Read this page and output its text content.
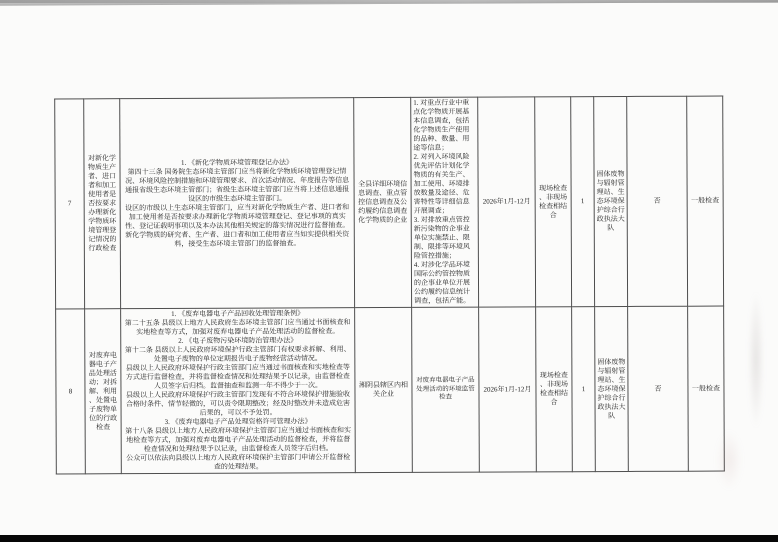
7	对新化学物质生产者、进口者和加工使用者是否按要求办理新化学物质环境管理登记情况的行政检查	1. 《新化学物质环境管理登记办法》
第四十三条 国务院生态环境主管部门应当将新化学物质环境管理登记情况、环境风险控制措施和环境管理要求、首次活动情况、年度报告等信息通报省级生态环境主管部门；省级生态环境主管部门应当将上述信息通报设区的市级生态环境主管部门。
设区的市级以上生态环境主管部门，应当对新化学物质生产者、进口者和加工使用者是否按要求办理新化学物质环境管理登记、登记事项的真实性、登记证载明事项以及本办法其他相关规定的落实情况进行监督抽查。
新化学物质的研究者、生产者、进口者和加工使用者应当如实提供相关资料，接受生态环境主管部门的监督抽查。	全县详细环境信息调查、重点管控信息调查及公约履约信息调查化学物质的企业	1. 对重点行业中重点化学物质开展基本信息调查，包括化学物质生产使用的品种、数量、用途等信息；
2. 对列入环境风险优先评估计划化学物质的有关生产、加工使用、环境排放数量及途径、危害特性等详细信息开展调查；
3. 对排放重点管控新污染物的企事业单位实施禁止、限制、限排等环境风险管控措施；
4. 对涉化学品环境国际公约管控物质的企事业单位开展公约履约信息统计调查，包括产能。	2026年1月-12月	现场检查、非现场检查相结合	1	固体废物与辐射管理站、生态环境保护综合行政执法大队	否	一般检查
8	对废弃电器电子产品处理活动；对拆解、利用、处置电子废物单位的行政检查	1. 《废弃电器电子产品回收处理管理条例》
第二十五条 县级以上地方人民政府生态环境主管部门应当通过书面核查和实地检查等方式，加强对废弃电器电子产品处理活动的监督检查。
2. 《电子废物污染环境防治管理办法》
第十二条 县级以上人民政府环境保护行政主管部门有权要求拆解、利用、处置电子废物的单位定期报告电子废物经营活动情况。
县级以上人民政府环境保护行政主管部门应当通过书面核查和实地检查等方式进行监督检查，并将监督检查情况和处理结果予以记录，由监督检查人员签字后归档。监督抽查和监测一年不得少于一次。
县级以上人民政府环境保护行政主管部门发现有不符合环境保护措施验收合格时条件、情节轻微的，可以责令限期整改；经及时整改并未造成危害后果的，可以不予处罚。
3. 《废弃电器电子产品处理资格许可管理办法》
第十八条 县级以上地方人民政府环境保护主管部门应当通过书面核查和实地检查等方式，加强对废弃电器电子产品处理活动的监督检查，并将监督检查情况和处理结果予以记录，由监督检查人员签字后归档。
公众可以依法向县级以上地方人民政府环境保护主管部门申请公开监督检查的处理结果。	湘阴县辖区内相关企业	对废弃电器电子产品处理活动的环境监管检查	2026年1月-12月	现场检查、非现场检查相结合	1	固体废物与辐射管理站、生态环境保护综合行政执法大队	否	一般检查
